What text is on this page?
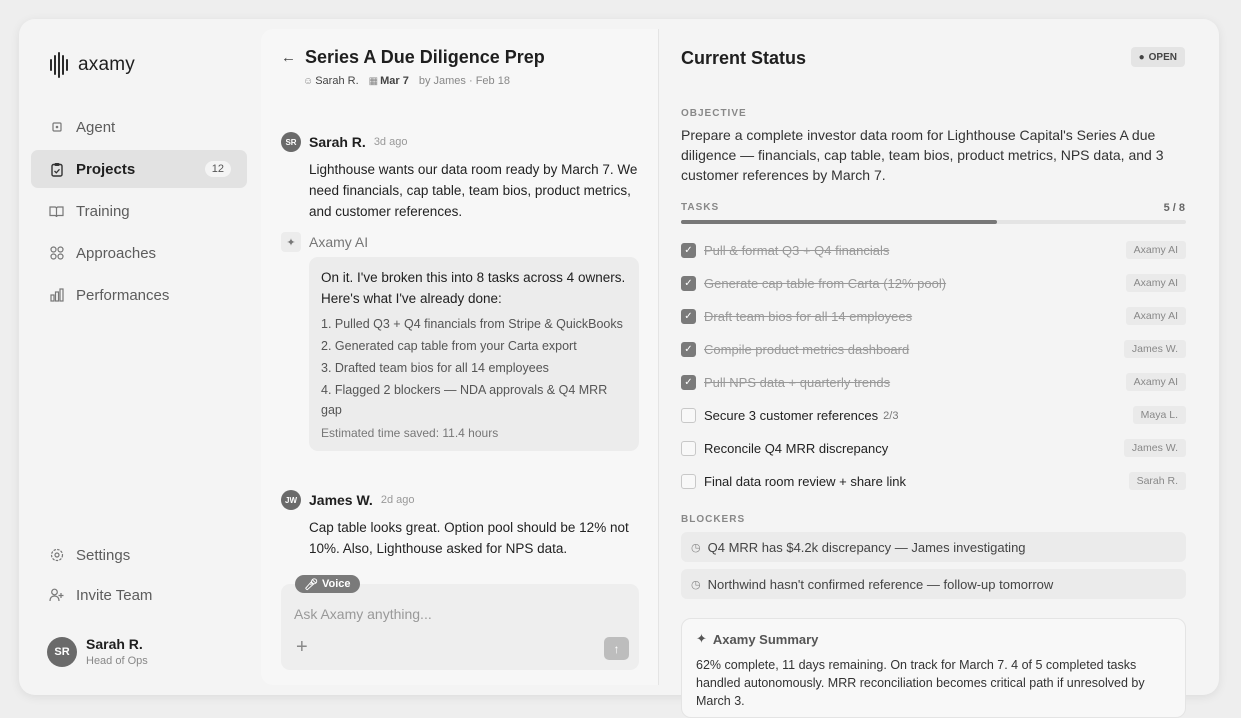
axamy
Agent
Projects	12
Training
Approaches
Performances
Settings
Invite Team
SR	Sarah R.
Head of Ops
← Series A Due Diligence Prep
☺ Sarah R. ▦ Mar 7 by James · Feb 18
SR Sarah R. 3d ago
Lighthouse wants our data room ready by March 7. We need financials, cap table, team bios, product metrics, and customer references.
✦ Axamy AI
On it. I've broken this into 8 tasks across 4 owners. Here's what I've already done:
1. Pulled Q3 + Q4 financials from Stripe & QuickBooks
2. Generated cap table from your Carta export
3. Drafted team bios for all 14 employees
4. Flagged 2 blockers — NDA approvals & Q4 MRR gap
Estimated time saved: 11.4 hours
JW James W. 2d ago
Cap table looks great. Option pool should be 12% not 10%. Also, Lighthouse asked for NPS data.
🎤︎ Voice
Ask Axamy anything...
+	↑
Current Status	● OPEN
OBJECTIVE
Prepare a complete investor data room for Lighthouse Capital's Series A due diligence — financials, cap table, team bios, product metrics, NPS data, and 3 customer references by March 7.
TASKS	5 / 8
✓ Pull & format Q3 + Q4 financials	Axamy AI
✓ Generate cap table from Carta (12% pool)	Axamy AI
✓ Draft team bios for all 14 employees	Axamy AI
✓ Compile product metrics dashboard	James W.
✓ Pull NPS data + quarterly trends	Axamy AI
Secure 3 customer references 2/3	Maya L.
Reconcile Q4 MRR discrepancy	James W.
Final data room review + share link	Sarah R.
BLOCKERS
◷ Q4 MRR has $4.2k discrepancy — James investigating
◷ Northwind hasn't confirmed reference — follow-up tomorrow
✦ Axamy Summary
62% complete, 11 days remaining. On track for March 7. 4 of 5 completed tasks handled autonomously. MRR reconciliation becomes critical path if unresolved by March 3.
